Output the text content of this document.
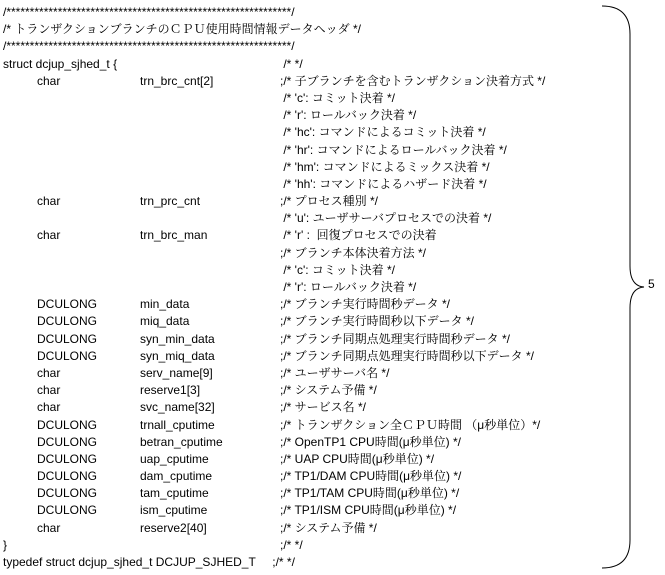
/*************************************************************/
/* トランザクションブランチのＣＰＵ使用時間情報データヘッダ */
/*************************************************************/
struct dcjup_sjhed_t {	/* */
char	trn_brc_cnt[2]	;/* 子ブランチを含むトランザクション決着方式 */
/* 'c': コミット決着 */
/* 'r': ロールバック決着 */
/* 'hc': コマンドによるコミット決着 */
/* 'hr': コマンドによるロールバック決着 */
/* 'hm': コマンドによるミックス決着 */
/* 'hh': コマンドによるハザード決着 */
char	trn_prc_cnt	;/* プロセス種別 */
/* 'u': ユーザサーバプロセスでの決着 */
char	trn_brc_man	/* 'r' :  回復プロセスでの決着
;/* ブランチ本体決着方法 */
/* 'c': コミット決着 */
/* 'r': ロールバック決着 */
DCULONG	min_data	;/* ブランチ実行時間秒データ */
DCULONG	miq_data	;/* ブランチ実行時間秒以下データ */
DCULONG	syn_min_data	;/* ブランチ同期点処理実行時間秒データ */
DCULONG	syn_miq_data	;/* ブランチ同期点処理実行時間秒以下データ */
char	serv_name[9]	;/* ユーザサーバ名 */
char	reserve1[3]	;/* システム予備 */
char	svc_name[32]	;/* サービス名 */
DCULONG	trnall_cputime	;/* トランザクション全ＣＰＵ時間 （μ秒単位）*/
DCULONG	betran_cputime	;/* OpenTP1 CPU時間(μ秒単位) */
DCULONG	uap_cputime	;/* UAP CPU時間(μ秒単位) */
DCULONG	dam_cputime	;/* TP1/DAM CPU時間(μ秒単位) */
DCULONG	tam_cputime	;/* TP1/TAM CPU時間(μ秒単位) */
DCULONG	ism_cputime	;/* TP1/ISM CPU時間(μ秒単位) */
char	reserve2[40]	;/* システム予備 */
}	;/* */
typedef struct dcjup_sjhed_t DCJUP_SJHED_T     ;/* */
5
